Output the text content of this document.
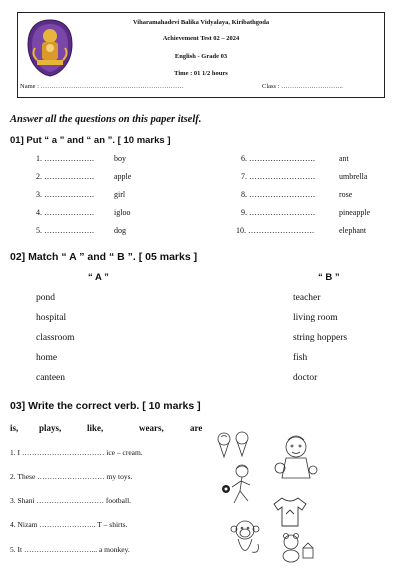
Viharamahadevi Balika Vidyalaya, Kiribathgoda
Achievement Test 02 – 2024
English - Grade 03
Time : 01 1/2 hours
Name : …………………………………………………………	Class : ………………………..
Answer all the questions on this paper itself.
01] Put “ a ” and “ an ”. [ 10 marks ]
1. ……………….	boy
2. ……………….	apple
3. ……………….	girl
4. ……………….	igloo
5. ……………….	dog
6. …………………….	ant
7. …………………….	umbrella
8. …………………….	rose
9. …………………….	pineapple
10. …………………….	elephant
02] Match “ A ” and “ B ”. [ 05 marks ]
“ A ”	“ B ”
pond
hospital
classroom
home
canteen
teacher
living room
string hoppers
fish
doctor
03] Write the correct verb. [ 10 marks ]
is, plays,	like,	wears,	are
1. I …………………………… ice – cream.
2. These ……………………… my toys.
3. Shani ……………………… football.
4. Nizam ………………….. T – shirts.
5. It ………………………... a monkey.
